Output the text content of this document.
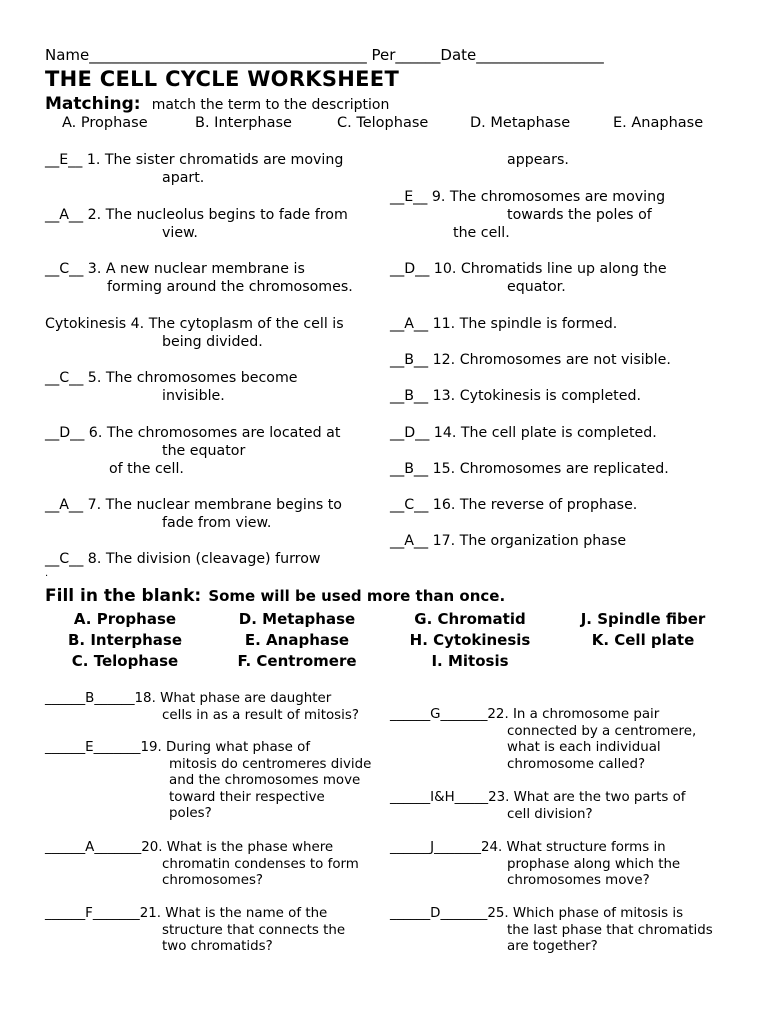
Name_____________________________________ Per______Date_________________
THE CELL CYCLE WORKSHEET
Matching: match the term to the description
A. Prophase	B. Interphase	C. Telophase	D. Metaphase	E. Anaphase
__E__ 1. The sister chromatids are moving
apart.
__A__ 2. The nucleolus begins to fade from
view.
__C__ 3. A new nuclear membrane is
forming around the chromosomes.
Cytokinesis 4. The cytoplasm of the cell is
being divided.
__C__ 5. The chromosomes become
invisible.
__D__ 6. The chromosomes are located at
the equator
of the cell.
__A__ 7. The nuclear membrane begins to
fade from view.
__C__ 8. The division (cleavage) furrow
.
appears.
__E__ 9. The chromosomes are moving
towards the poles of
the cell.
__D__ 10. Chromatids line up along the
equator.
__A__ 11. The spindle is formed.
__B__ 12. Chromosomes are not visible.
__B__ 13. Cytokinesis is completed.
__D__ 14. The cell plate is completed.
__B__ 15. Chromosomes are replicated.
__C__ 16. The reverse of prophase.
__A__ 17. The organization phase
Fill in the blank: Some will be used more than once.
A. Prophase	D. Metaphase	G. Chromatid	J. Spindle fiber
B. Interphase	E. Anaphase	H. Cytokinesis	K. Cell plate
C. Telophase	F. Centromere	I. Mitosis
______B______18. What phase are daughter
cells in as a result of mitosis?
______E_______19. During what phase of
mitosis do centromeres divide
and the chromosomes move
toward their respective
poles?
______A_______20. What is the phase where
chromatin condenses to form
chromosomes?
______F_______21. What is the name of the
structure that connects the
two chromatids?
______G_______22. In a chromosome pair
connected by a centromere,
what is each individual
chromosome called?
______I&H_____23. What are the two parts of
cell division?
______J_______24. What structure forms in
prophase along which the
chromosomes move?
______D_______25. Which phase of mitosis is
the last phase that chromatids
are together?
